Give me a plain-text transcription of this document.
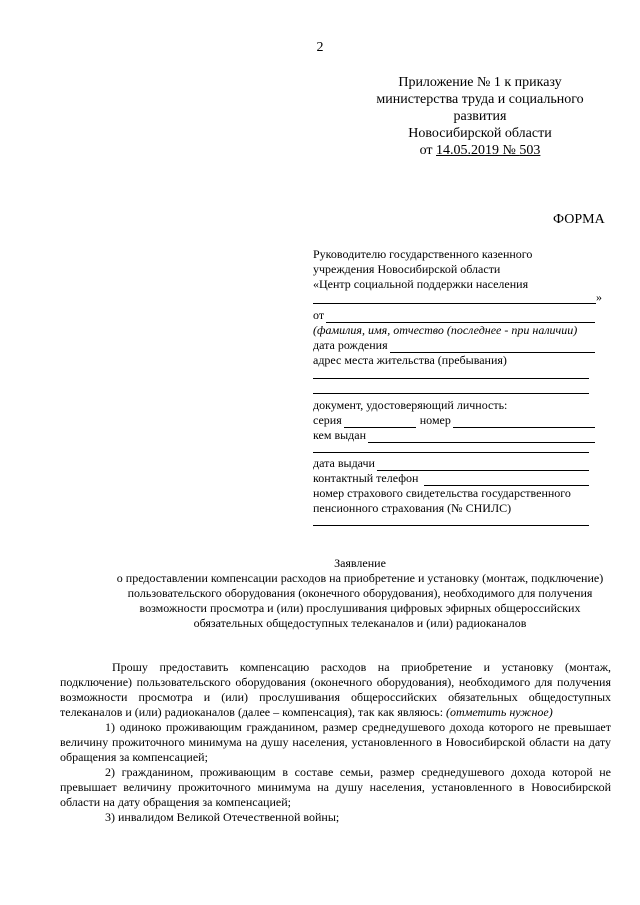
2
Приложение № 1 к приказу
министерства труда и социального
развития
Новосибирской области
от 14.05.2019 № 503
ФОРМА
Руководителю государственного казенного
учреждения Новосибирской области
«Центр социальной поддержки населения
»
от
(фамилия, имя, отчество (последнее - при наличии)
дата рождения
адрес места жительства (пребывания)
документ, удостоверяющий личность:
серия	номер
кем выдан
дата выдачи
контактный телефон
номер страхового свидетельства государственного
пенсионного страхования (№ СНИЛС)
Заявление
о предоставлении компенсации расходов на приобретение и установку (монтаж, подключение)
пользовательского оборудования (оконечного оборудования), необходимого для получения
возможности просмотра и (или) прослушивания цифровых эфирных общероссийских
обязательных общедоступных телеканалов и (или) радиоканалов

Прошу предоставить компенсацию расходов на приобретение и установку (монтаж, подключение) пользовательского оборудования (оконечного оборудования), необходимого для получения возможности просмотра и (или) прослушивания общероссийских обязательных общедоступных телеканалов и (или) радиоканалов (далее – компенсация), так как являюсь: (отметить нужное)

1) одиноко проживающим гражданином, размер среднедушевого дохода которого не превышает величину прожиточного минимума на душу населения, установленного в Новосибирской области на дату обращения за компенсацией;

2) гражданином, проживающим в составе семьи, размер среднедушевого дохода которой не превышает величину прожиточного минимума на душу населения, установленного в Новосибирской области на дату обращения за компенсацией;

3) инвалидом Великой Отечественной войны;
